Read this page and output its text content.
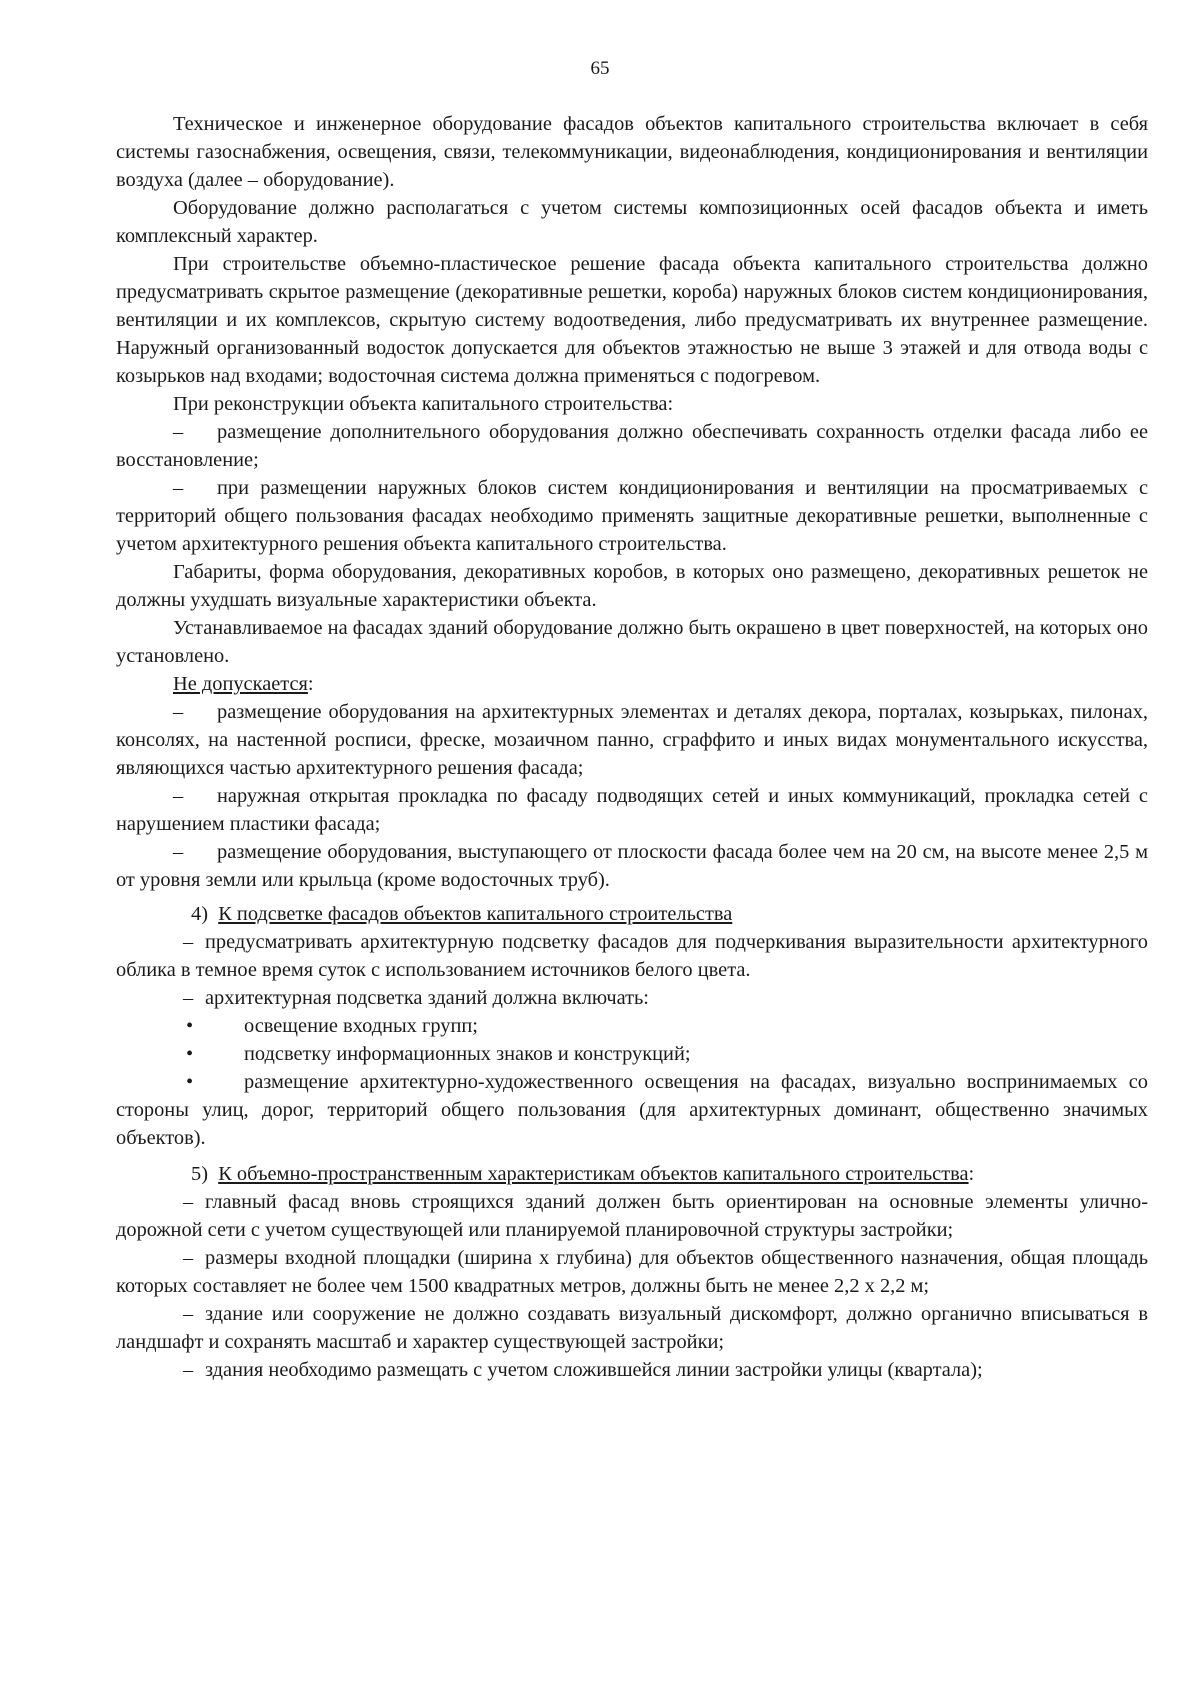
65

Техническое и инженерное оборудование фасадов объектов капитального строительства включает в себя системы газоснабжения, освещения, связи, телекоммуникации, видеонаблюдения, кондиционирования и вентиляции воздуха (далее – оборудование).

Оборудование должно располагаться с учетом системы композиционных осей фасадов объекта и иметь комплексный характер.

При строительстве объемно-пластическое решение фасада объекта капитального строительства должно предусматривать скрытое размещение (декоративные решетки, короба) наружных блоков систем кондиционирования, вентиляции и их комплексов, скрытую систему водоотведения, либо предусматривать их внутреннее размещение. Наружный организованный водосток допускается для объектов этажностью не выше 3 этажей и для отвода воды с козырьков над входами; водосточная система должна применяться с подогревом.

При реконструкции объекта капитального строительства:

– размещение дополнительного оборудования должно обеспечивать сохранность отделки фасада либо ее восстановление;

– при размещении наружных блоков систем кондиционирования и вентиляции на просматриваемых с территорий общего пользования фасадах необходимо применять защитные декоративные решетки, выполненные с учетом архитектурного решения объекта капитального строительства.

Габариты, форма оборудования, декоративных коробов, в которых оно размещено, декоративных решеток не должны ухудшать визуальные характеристики объекта.

Устанавливаемое на фасадах зданий оборудование должно быть окрашено в цвет поверхностей, на которых оно установлено.

Не допускается:

– размещение оборудования на архитектурных элементах и деталях декора, порталах, козырьках, пилонах, консолях, на настенной росписи, фреске, мозаичном панно, сграффито и иных видах монументального искусства, являющихся частью архитектурного решения фасада;

– наружная открытая прокладка по фасаду подводящих сетей и иных коммуникаций, прокладка сетей с нарушением пластики фасада;

– размещение оборудования, выступающего от плоскости фасада более чем на 20 см, на высоте менее 2,5 м от уровня земли или крыльца (кроме водосточных труб).

4) К подсветке фасадов объектов капитального строительства

– предусматривать архитектурную подсветку фасадов для подчеркивания выразительности архитектурного облика в темное время суток с использованием источников белого цвета.

– архитектурная подсветка зданий должна включать:

• освещение входных групп;

• подсветку информационных знаков и конструкций;

• размещение архитектурно-художественного освещения на фасадах, визуально воспринимаемых со стороны улиц, дорог, территорий общего пользования (для архитектурных доминант, общественно значимых объектов).

5) К объемно-пространственным характеристикам объектов капитального строительства:

– главный фасад вновь строящихся зданий должен быть ориентирован на основные элементы улично-дорожной сети с учетом существующей или планируемой планировочной структуры застройки;

– размеры входной площадки (ширина х глубина) для объектов общественного назначения, общая площадь которых составляет не более чем 1500 квадратных метров, должны быть не менее 2,2 х 2,2 м;

– здание или сооружение не должно создавать визуальный дискомфорт, должно органично вписываться в ландшафт и сохранять масштаб и характер существующей застройки;

– здания необходимо размещать с учетом сложившейся линии застройки улицы (квартала);
